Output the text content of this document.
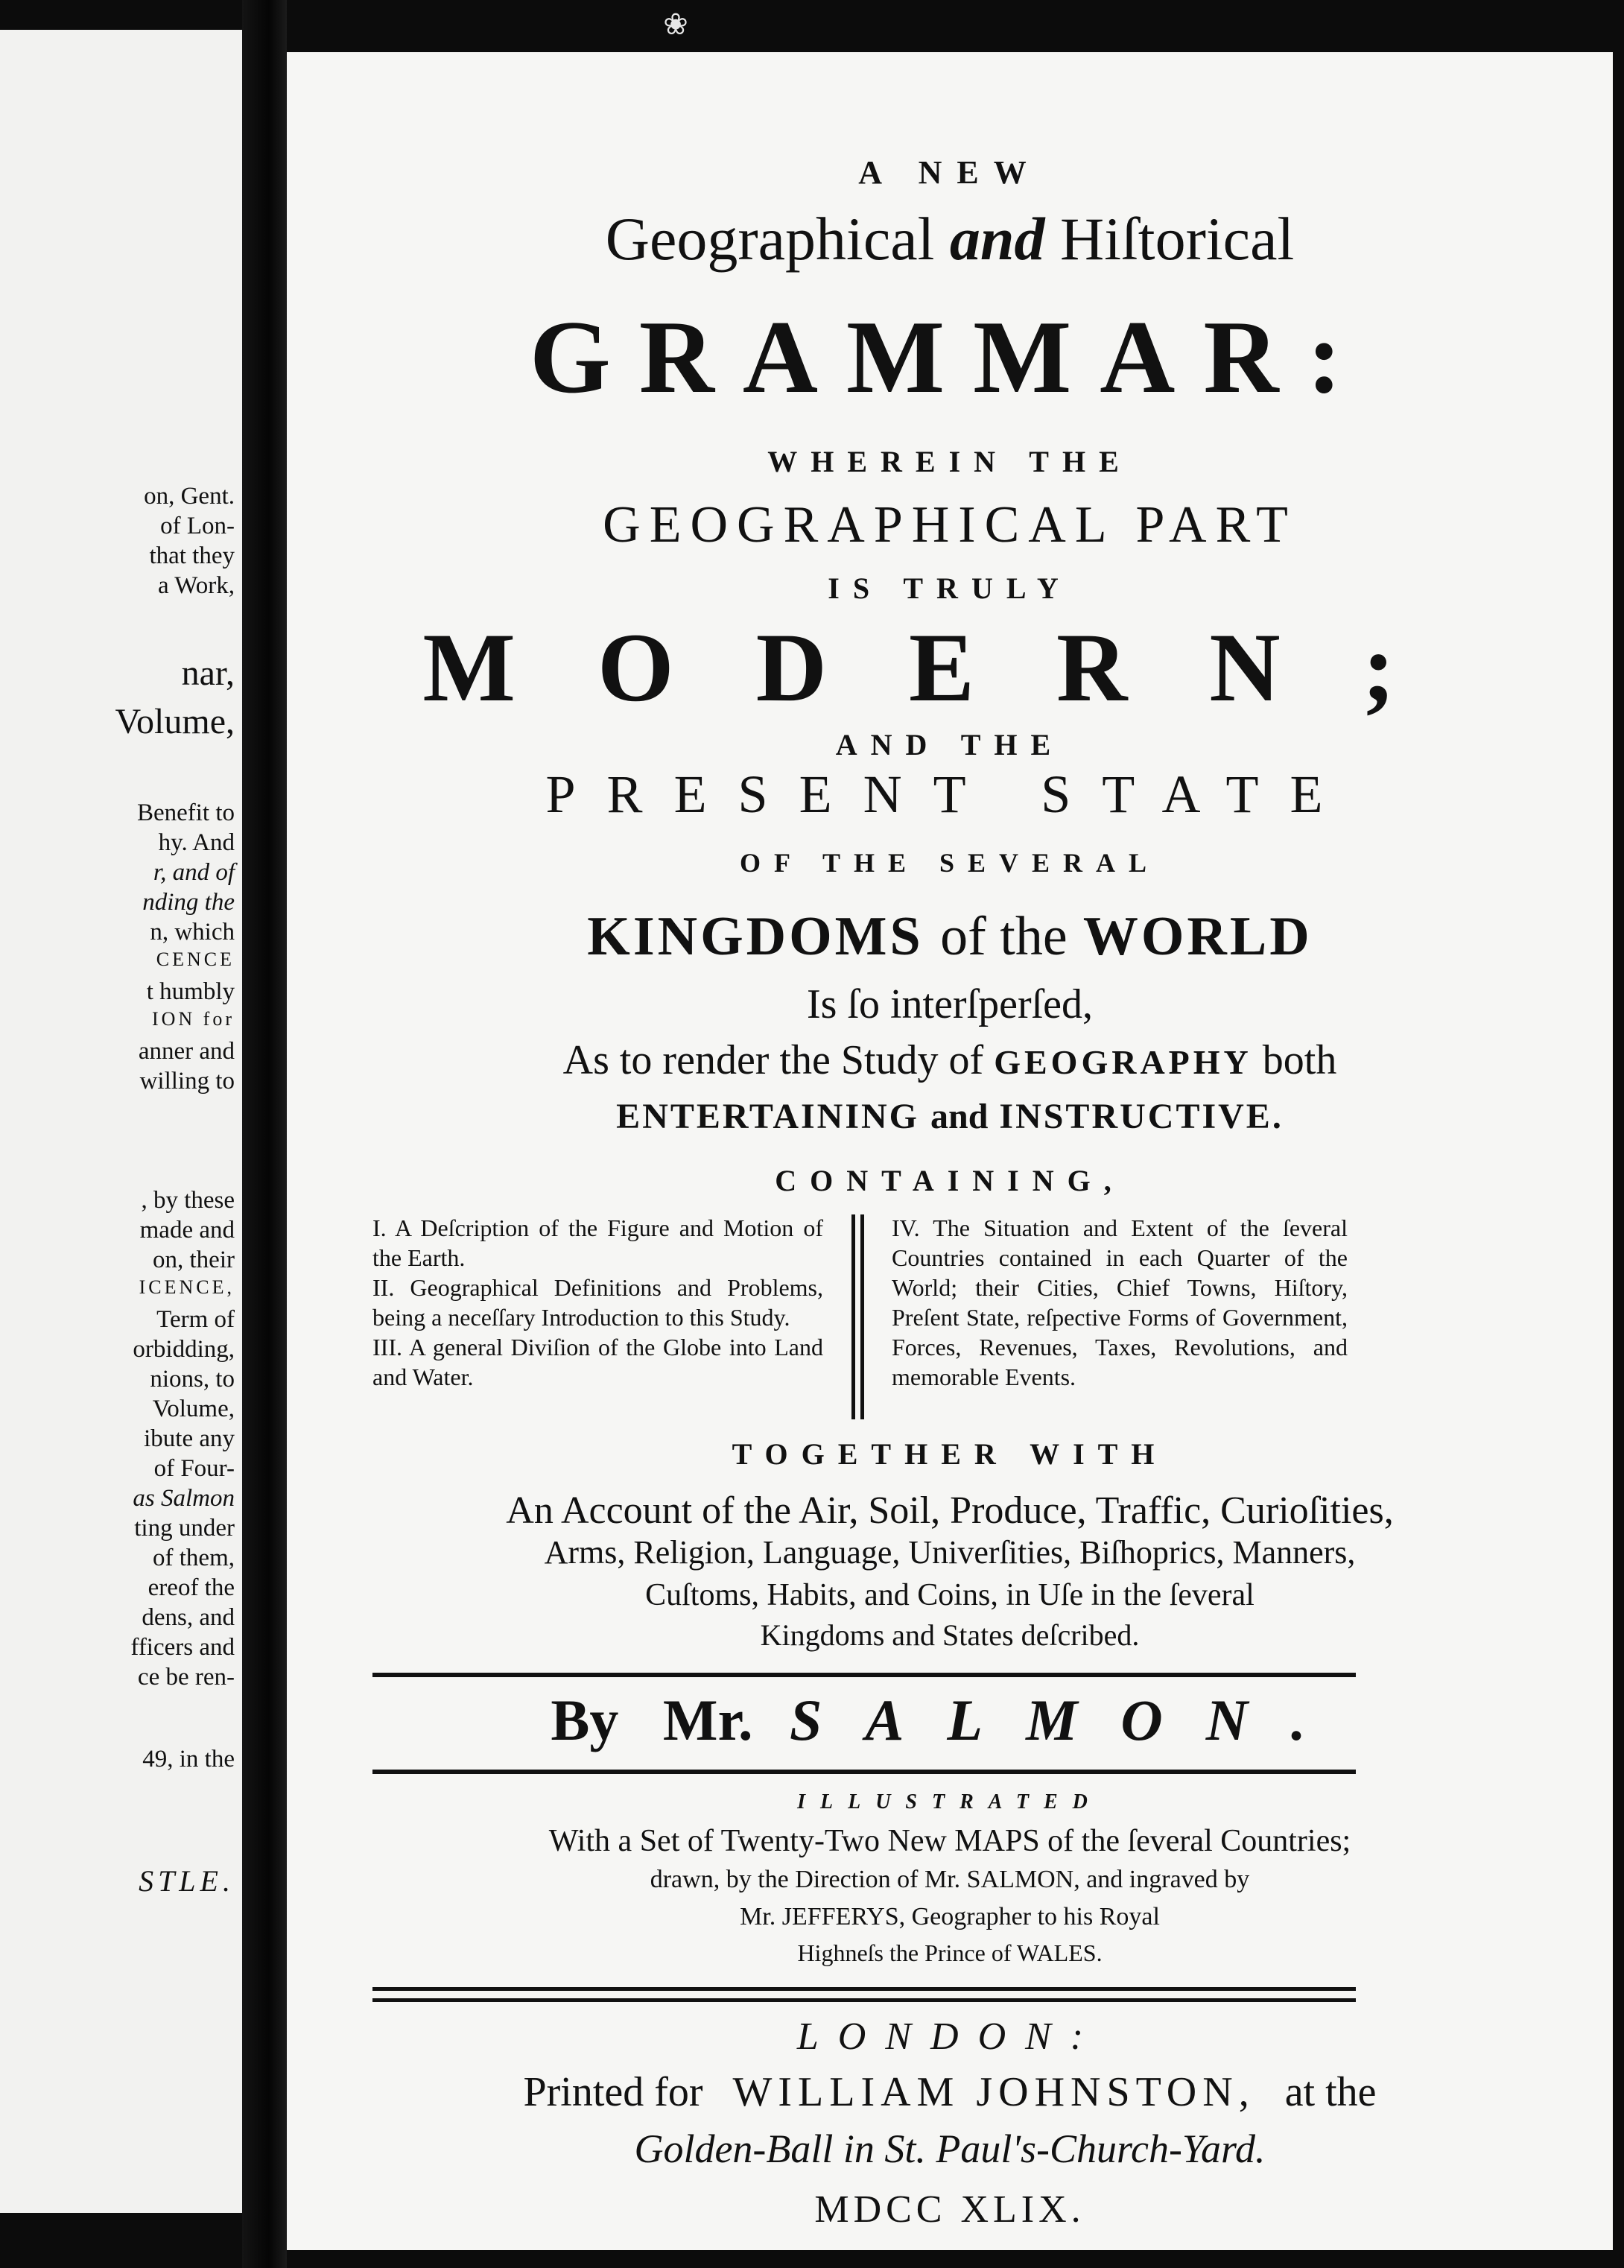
on, Gent.
of Lon-
that they
a Work,
nar,
Volume,
Benefit to
hy. And
r, and of
nding the
n, which
CENCE
t humbly
ION for
anner and
willing to
, by these
made and
on, their
ICENCE,
Term of
orbidding,
nions, to
Volume,
ibute any
of Four-
as Salmon
ting under
of them,
ereof the
dens, and
fficers and
ce be ren-
49, in the
STLE.
❀
A NEW
Geographical and Hiſtorical
GRAMMAR:
WHEREIN THE
GEOGRAPHICAL PART
IS TRULY
MODERN;
AND THE
PRESENT STATE
OF THE SEVERAL
KINGDOMS of the WORLD
Is ſo interſperſed,
As to render the Study of GEOGRAPHY both
ENTERTAINING and INSTRUCTIVE.
CONTAINING,

I. A Deſcription of the Figure and Motion of the Earth.

II. Geographical Definitions and Problems, being a neceſſary Introduction to this Study.

III. A general Diviſion of the Globe into Land and Water.

IV. The Situation and Extent of the ſeveral Countries contained in each Quarter of the World; their Cities, Chief Towns, Hiſtory, Preſent State, reſpective Forms of Government, Forces, Revenues, Taxes, Revolutions, and memorable Events.

TOGETHER WITH
An Account of the Air, Soil, Produce, Traffic, Curioſities,
Arms, Religion, Language, Univerſities, Biſhoprics, Manners,
Cuſtoms, Habits, and Coins, in Uſe in the ſeveral
Kingdoms and States deſcribed.
By Mr. SALMON.
ILLUSTRATED
With a Set of Twenty-Two New MAPS of the ſeveral Countries;
drawn, by the Direction of Mr. SALMON, and ingraved by
Mr. JEFFERYS, Geographer to his Royal
Highneſs the Prince of WALES.
LONDON:
Printed for WILLIAM JOHNSTON, at the
Golden-Ball in St. Paul's-Church-Yard.
MDCC XLIX.
